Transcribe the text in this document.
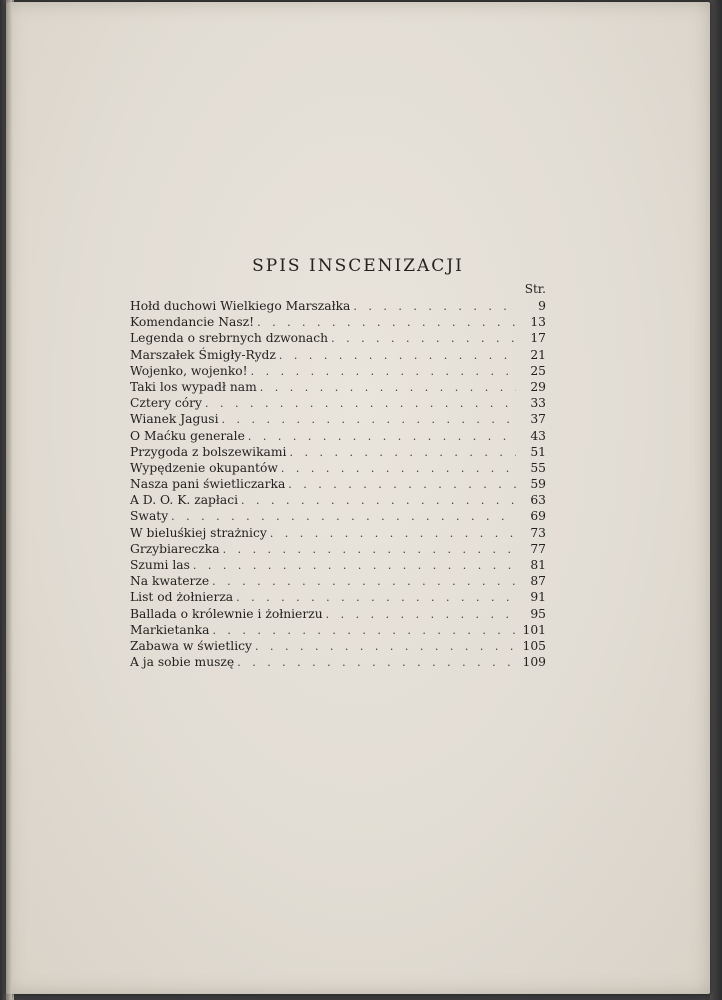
SPIS INSCENIZACJI
Str.
Hołd duchowi Wielkiego Marszałka . . .	9
Komendancie Nasz! . . .	13
Legenda o srebrnych dzwonach . . .	17
Marszałek Śmigły-Rydz . . .	21
Wojenko, wojenko! . . .	25
Taki los wypadł nam . . .	29
Cztery córy . . .	33
Wianek Jagusi . . .	37
O Maćku generale . . .	43
Przygoda z bolszewikami . . .	51
Wypędzenie okupantów . . .	55
Nasza pani świetliczarka . . .	59
A D. O. K. zapłaci . . .	63
Swaty . . .	69
W bieluśkiej strażnicy . . .	73
Grzybiareczka . . .	77
Szumi las . . .	81
Na kwaterze . . .	87
List od żołnierza . . .	91
Ballada o królewnie i żołnierzu . . .	95
Markietanka . . .	101
Zabawa w świetlicy . . .	105
A ja sobie muszę . . .	109
